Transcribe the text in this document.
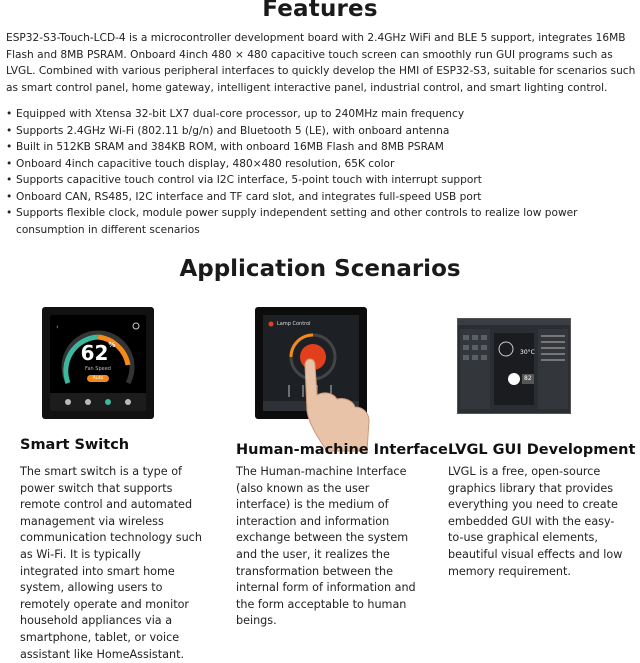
Features

ESP32-S3-Touch-LCD-4 is a microcontroller development board with 2.4GHz WiFi and BLE 5 support, integrates 16MB Flash and 8MB PSRAM. Onboard 4inch 480 × 480 capacitive touch screen can smoothly run GUI programs such as LVGL. Combined with various peripheral interfaces to quickly develop the HMI of ESP32-S3, suitable for scenarios such as smart control panel, home gateway, intelligent interactive panel, industrial control, and smart lighting control.

• Equipped with Xtensa 32-bit LX7 dual-core processor, up to 240MHz main frequency
• Supports 2.4GHz Wi-Fi (802.11 b/g/n) and Bluetooth 5 (LE), with onboard antenna
• Built in 512KB SRAM and 384KB ROM, with onboard 16MB Flash and 8MB PSRAM
• Onboard 4inch capacitive touch display, 480×480 resolution, 65K color
• Supports capacitive touch control via I2C interface, 5-point touch with interrupt support
• Onboard CAN, RS485, I2C interface and TF card slot, and integrates full-speed USB port
• Supports flexible clock, module power supply independent setting and other controls to realize low power consumption in different scenarios
Application Scenarios
‹
62%
Fan Speed
Auto
Lamp Control
30°C
82
Smart Switch

The smart switch is a type of power switch that supports remote control and automated management via wireless communication technology such as Wi-Fi. It is typically integrated into smart home system, allowing users to remotely operate and monitor household appliances via a smartphone, tablet, or voice assistant like HomeAssistant.

Human-machine Interface

The Human-machine Interface (also known as the user interface) is the medium of interaction and information exchange between the system and the user, it realizes the transformation between the internal form of information and the form acceptable to human beings.

LVGL GUI Development

LVGL is a free, open-source graphics library that provides everything you need to create embedded GUI with the easy-to-use graphical elements, beautiful visual effects and low memory requirement.
